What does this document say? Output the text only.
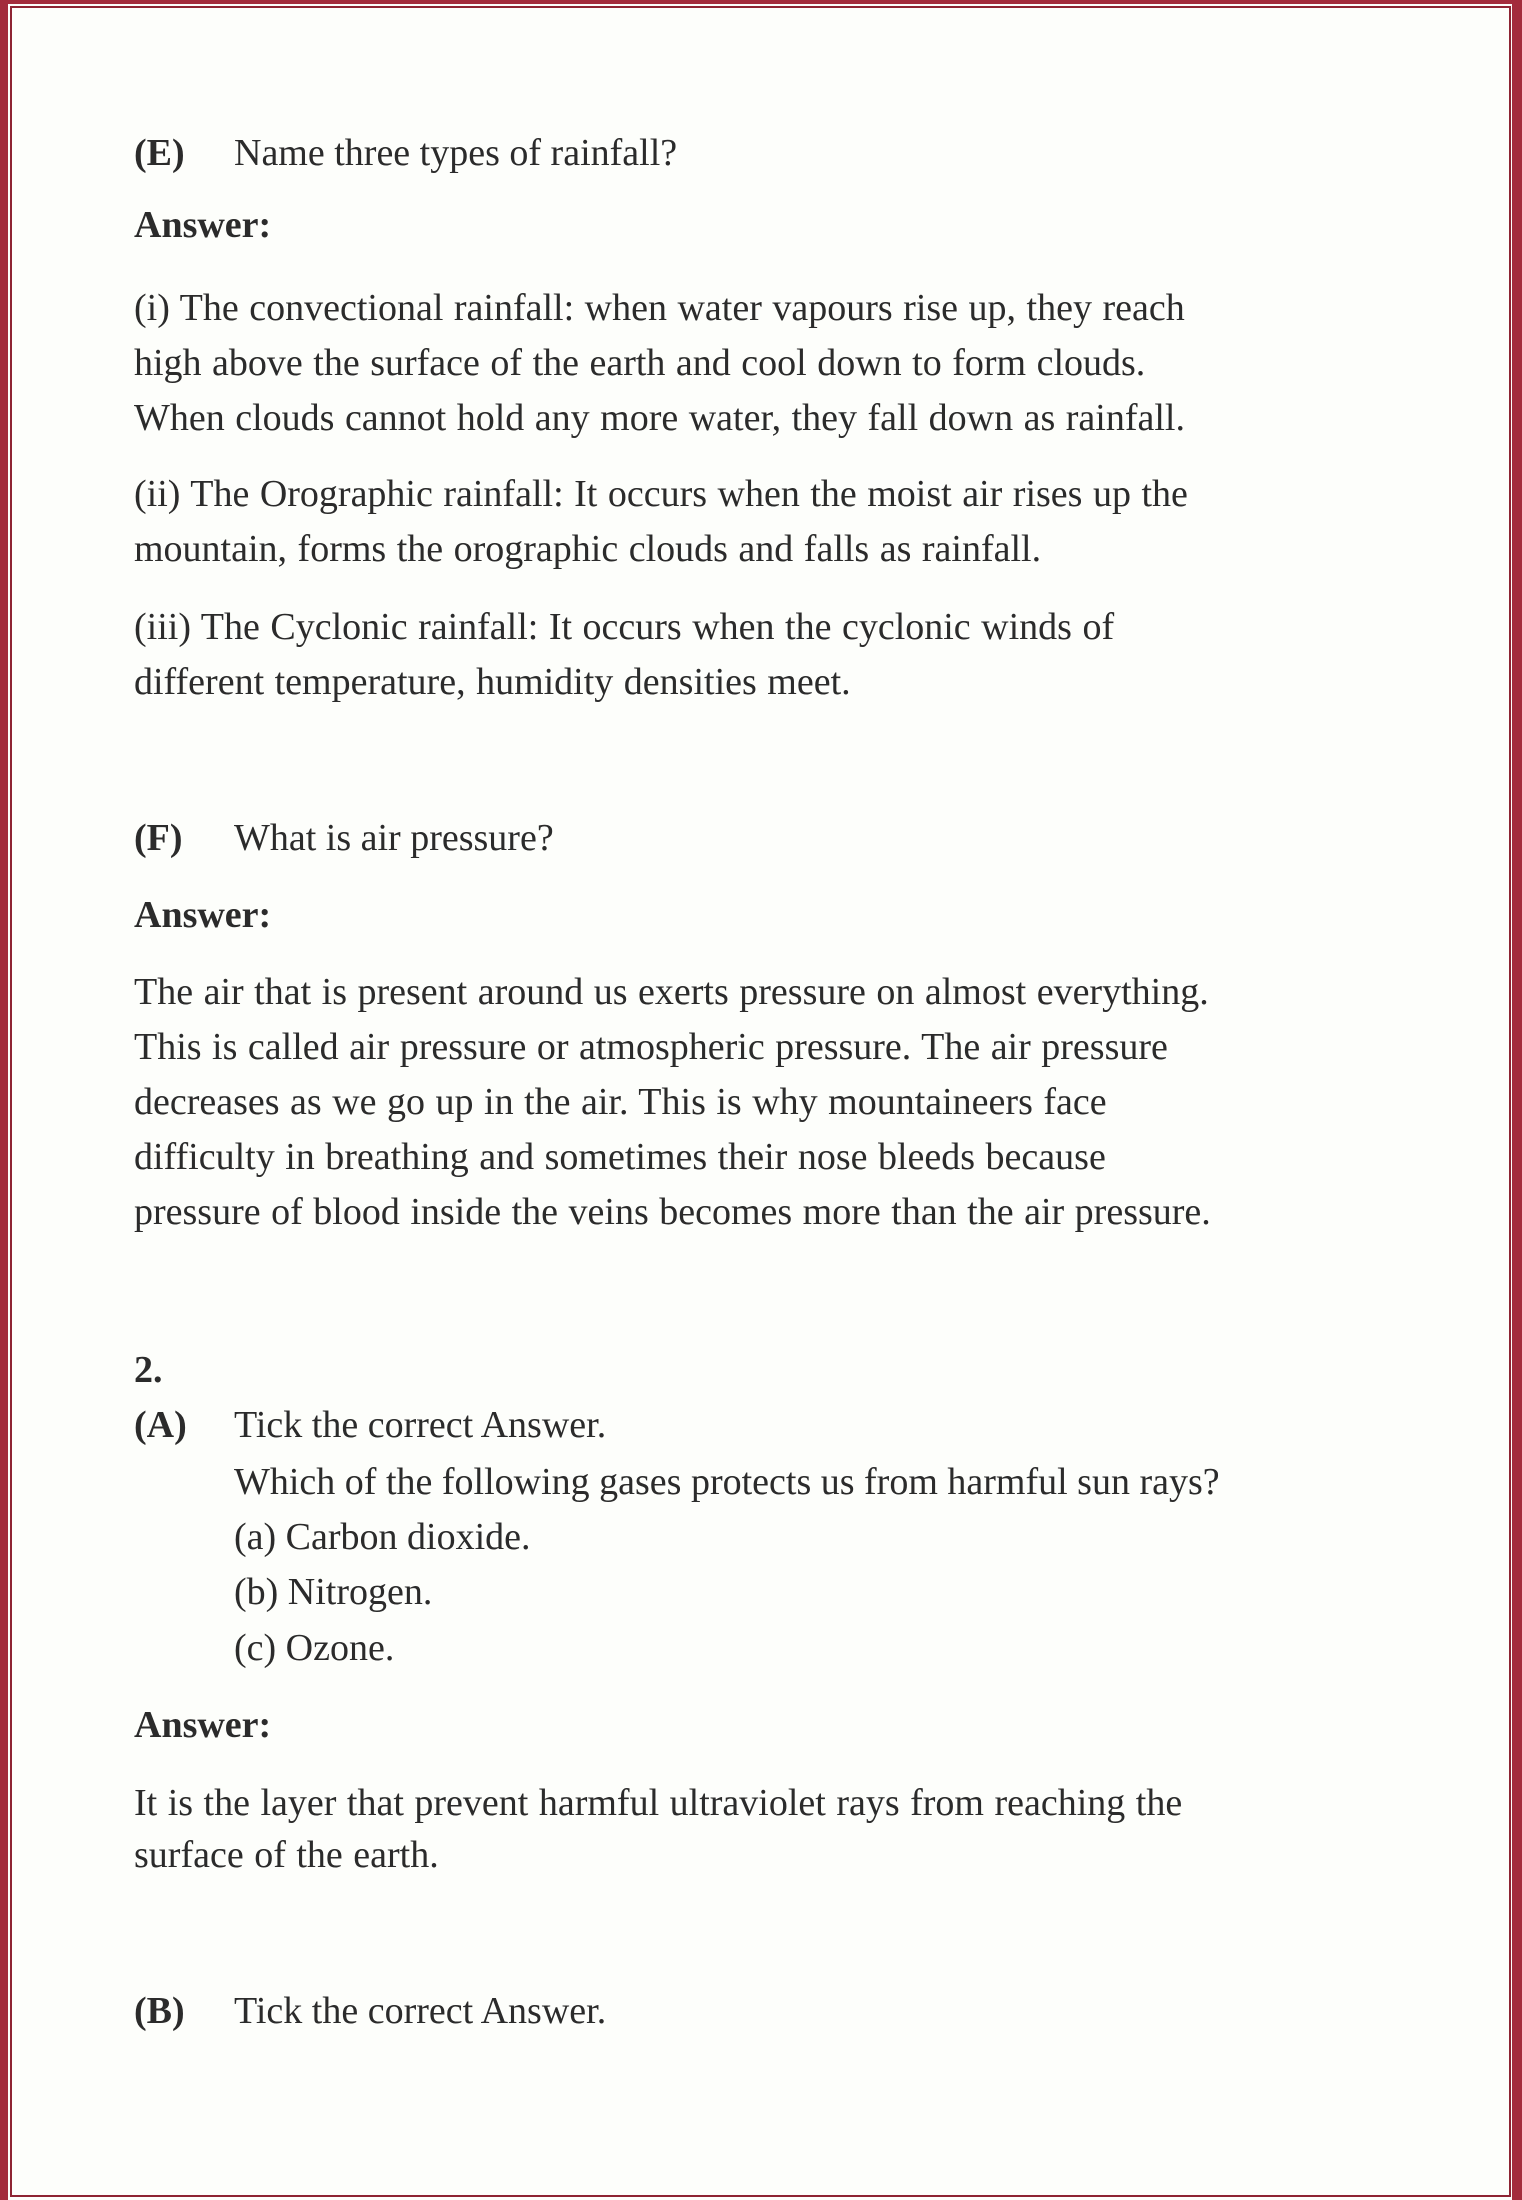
(E) Name three types of rainfall?
Answer:
(i) The convectional rainfall: when water vapours rise up, they reach
high above the surface of the earth and cool down to form clouds.
When clouds cannot hold any more water, they fall down as rainfall.
(ii) The Orographic rainfall: It occurs when the moist air rises up the
mountain, forms the orographic clouds and falls as rainfall.
(iii) The Cyclonic rainfall: It occurs when the cyclonic winds of
different temperature, humidity densities meet.
(F) What is air pressure?
Answer:
The air that is present around us exerts pressure on almost everything.
This is called air pressure or atmospheric pressure. The air pressure
decreases as we go up in the air. This is why mountaineers face
difficulty in breathing and sometimes their nose bleeds because
pressure of blood inside the veins becomes more than the air pressure.
2.
(A) Tick the correct Answer.
Which of the following gases protects us from harmful sun rays?
(a) Carbon dioxide.
(b) Nitrogen.
(c) Ozone.
Answer:
It is the layer that prevent harmful ultraviolet rays from reaching the
surface of the earth.
(B) Tick the correct Answer.
